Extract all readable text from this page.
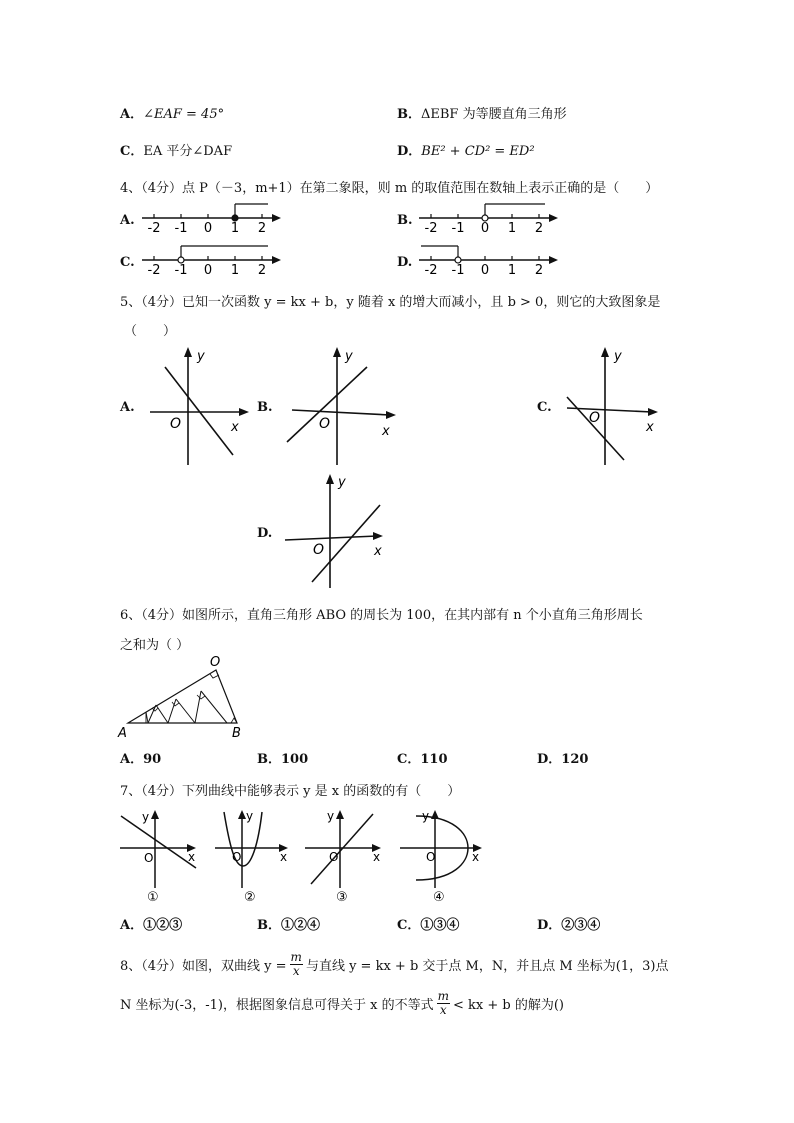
A．∠EAF = 45°	B．ΔEBF 为等腰直角三角形
C．EA 平分∠DAF	D．BE² + CD² = ED²
4、（4分）点 P（－3，m+1）在第二象限，则 m 的取值范围在数轴上表示正确的是（　　）
A.
-2 -1 0 1 2
B.
-2 -1 0 1 2
C.
-2 -1 0 1 2
D.
-2 -1 0 1 2
5、（4分）已知一次函数 y = kx + b，y 随着 x 的增大而减小，且 b > 0，则它的大致图象是
（　　）
A.
y
x
O
B.
y
x
O
C.
y
x
O
D.
y
x
O
6、（4分）如图所示，直角三角形 ABO 的周长为 100，在其内部有 n 个小直角三角形周长
之和为（ ）
A	B
O
A．90	B．100	C．110	D．120
7、（4分）下列曲线中能够表示 y 是 x 的函数的有（　　）
y
x
O
①
y
x
O
②
y
x
O
③
y
x
O
④
A．①②③	B．①②④	C．①③④	D．②③④
8、（4分）如图，双曲线 $y = \frac{m}{x}$ 与直线 y = kx + b 交于点 M，N，并且点 M 坐标为(1，3)点
N 坐标为(-3，-1)，根据图象信息可得关于 x 的不等式 $\frac{m}{x}$ < kx + b 的解为()
